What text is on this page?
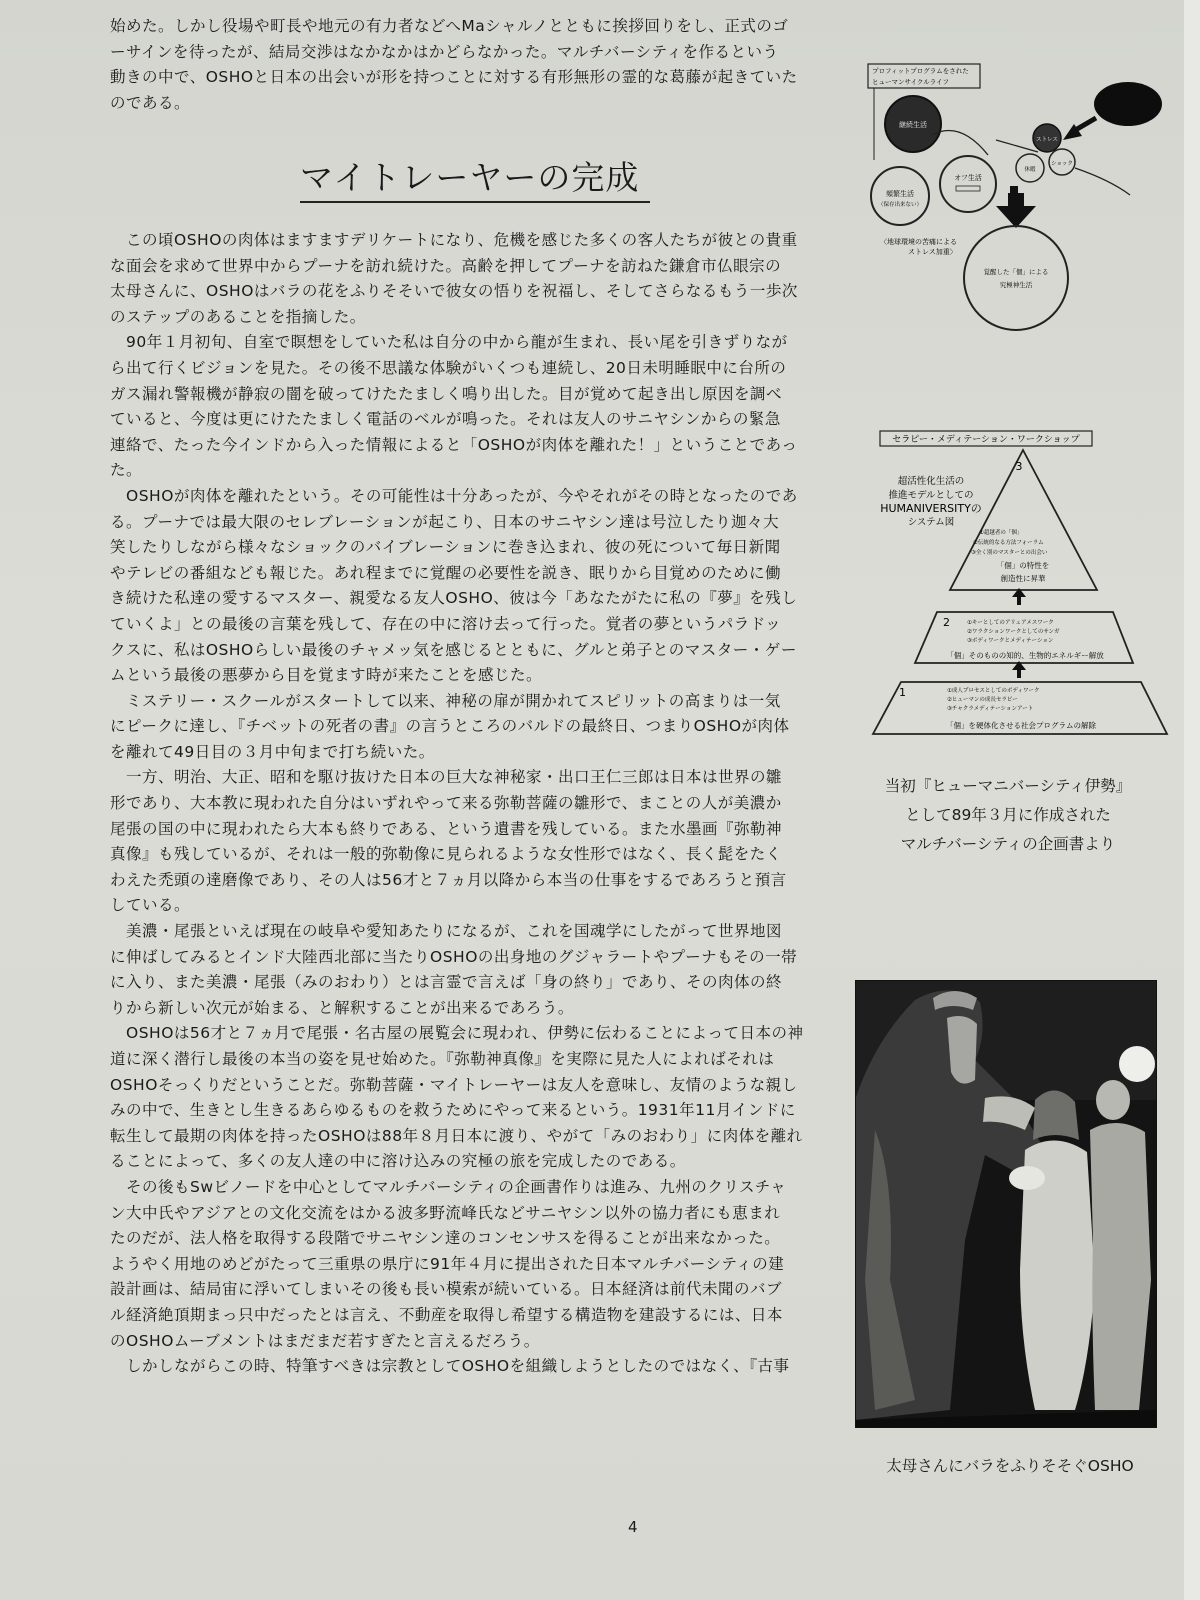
始めた。しかし役場や町長や地元の有力者などへMaシャルノとともに挨拶回りをし、正式のゴ

ーサインを待ったが、結局交渉はなかなかはかどらなかった。マルチバーシティを作るという

動きの中で、OSHOと日本の出会いが形を持つことに対する有形無形の霊的な葛藤が起きていた

のである。

マイトレーヤーの完成

　この頃OSHOの肉体はますますデリケートになり、危機を感じた多くの客人たちが彼との貴重

な面会を求めて世界中からプーナを訪れ続けた。高齢を押してプーナを訪ねた鎌倉市仏眼宗の

太母さんに、OSHOはバラの花をふりそそいで彼女の悟りを祝福し、そしてさらなるもう一歩次

のステップのあることを指摘した。

　90年１月初旬、自室で瞑想をしていた私は自分の中から龍が生まれ、長い尾を引きずりなが

ら出て行くビジョンを見た。その後不思議な体験がいくつも連続し、20日未明睡眠中に台所の

ガス漏れ警報機が静寂の闇を破ってけたたましく鳴り出した。目が覚めて起き出し原因を調べ

ていると、今度は更にけたたましく電話のベルが鳴った。それは友人のサニヤシンからの緊急

連絡で、たった今インドから入った情報によると「OSHOが肉体を離れた！」ということであっ

た。

　OSHOが肉体を離れたという。その可能性は十分あったが、今やそれがその時となったのであ

る。プーナでは最大限のセレブレーションが起こり、日本のサニヤシン達は号泣したり迦々大

笑したりしながら様々なショックのバイブレーションに巻き込まれ、彼の死について毎日新聞

やテレビの番組なども報じた。あれ程までに覚醒の必要性を説き、眠りから目覚めのために働

き続けた私達の愛するマスター、親愛なる友人OSHO、彼は今「あなたがたに私の『夢』を残し

ていくよ」との最後の言葉を残して、存在の中に溶け去って行った。覚者の夢というパラドッ

クスに、私はOSHOらしい最後のチャメッ気を感じるとともに、グルと弟子とのマスター・ゲー

ムという最後の悪夢から目を覚ます時が来たことを感じた。

　ミステリー・スクールがスタートして以来、神秘の扉が開かれてスピリットの高まりは一気

にピークに達し、『チベットの死者の書』の言うところのバルドの最終日、つまりOSHOが肉体

を離れて49日目の３月中旬まで打ち続いた。

　一方、明治、大正、昭和を駆け抜けた日本の巨大な神秘家・出口王仁三郎は日本は世界の雛

形であり、大本教に現われた自分はいずれやって来る弥勒菩薩の雛形で、まことの人が美濃か

尾張の国の中に現われたら大本も終りである、という遺書を残している。また水墨画『弥勒神

真像』も残しているが、それは一般的弥勒像に見られるような女性形ではなく、長く髭をたく

わえた禿頭の達磨像であり、その人は56才と７ヵ月以降から本当の仕事をするであろうと預言

している。

　美濃・尾張といえば現在の岐阜や愛知あたりになるが、これを国魂学にしたがって世界地図

に伸ばしてみるとインド大陸西北部に当たりOSHOの出身地のグジャラートやプーナもその一帯

に入り、また美濃・尾張（みのおわり）とは言霊で言えば「身の終り」であり、その肉体の終

りから新しい次元が始まる、と解釈することが出来るであろう。

　OSHOは56才と７ヵ月で尾張・名古屋の展覧会に現われ、伊勢に伝わることによって日本の神

道に深く潜行し最後の本当の姿を見せ始めた。『弥勒神真像』を実際に見た人によればそれは

OSHOそっくりだということだ。弥勒菩薩・マイトレーヤーは友人を意味し、友情のような親し

みの中で、生きとし生きるあらゆるものを救うためにやって来るという。1931年11月インドに

転生して最期の肉体を持ったOSHOは88年８月日本に渡り、やがて「みのおわり」に肉体を離れ

ることによって、多くの友人達の中に溶け込みの究極の旅を完成したのである。

　その後もSwビノードを中心としてマルチバーシティの企画書作りは進み、九州のクリスチャ

ン大中氏やアジアとの文化交流をはかる波多野流峰氏などサニヤシン以外の協力者にも恵まれ

たのだが、法人格を取得する段階でサニヤシン達のコンセンサスを得ることが出来なかった。

ようやく用地のめどがたって三重県の県庁に91年４月に提出された日本マルチバーシティの建

設計画は、結局宙に浮いてしまいその後も長い模索が続いている。日本経済は前代未聞のバブ

ル経済絶頂期まっ只中だったとは言え、不動産を取得し希望する構造物を建設するには、日本

のOSHOムーブメントはまだまだ若すぎたと言えるだろう。

　しかしながらこの時、特筆すべきは宗教としてOSHOを組織しようとしたのではなく、『古事

4
プロフィットプログラムをされた
ヒューマンサイクルライフ
継続生活
頻繁生活
（保存出来ない）
オフ生活
ストレス
休暇
ショック
〈地球環境の苦痛による
ストレス加重〉
覚醒した「個」による
究極神生活
セラピー・メディテーション・ワークショップ
超活性化生活の
推進モデルとしての
HUMANIVERSITYの
システム図
3
①超越者の「個」
②伝統的なる方法フォーラム
③全く別のマスターとの出会い
「個」の特性を
創造性に昇華
2	①キーとしてのアリェアメスワーク
②ワラクションワークとしてのサンガ
③ボディワークとメディテーション
「個」そのものの知的、生物的エネルギー解放
1	①成人プロセスとしてのボディワーク
②ヒューマンの成長セラピー
③チャクラメディテーションアート
「個」を硬体化させる社会プログラムの解除
当初『ヒューマニバーシティ伊勢』
として89年３月に作成された
マルチバーシティの企画書より
太母さんにバラをふりそそぐOSHO
